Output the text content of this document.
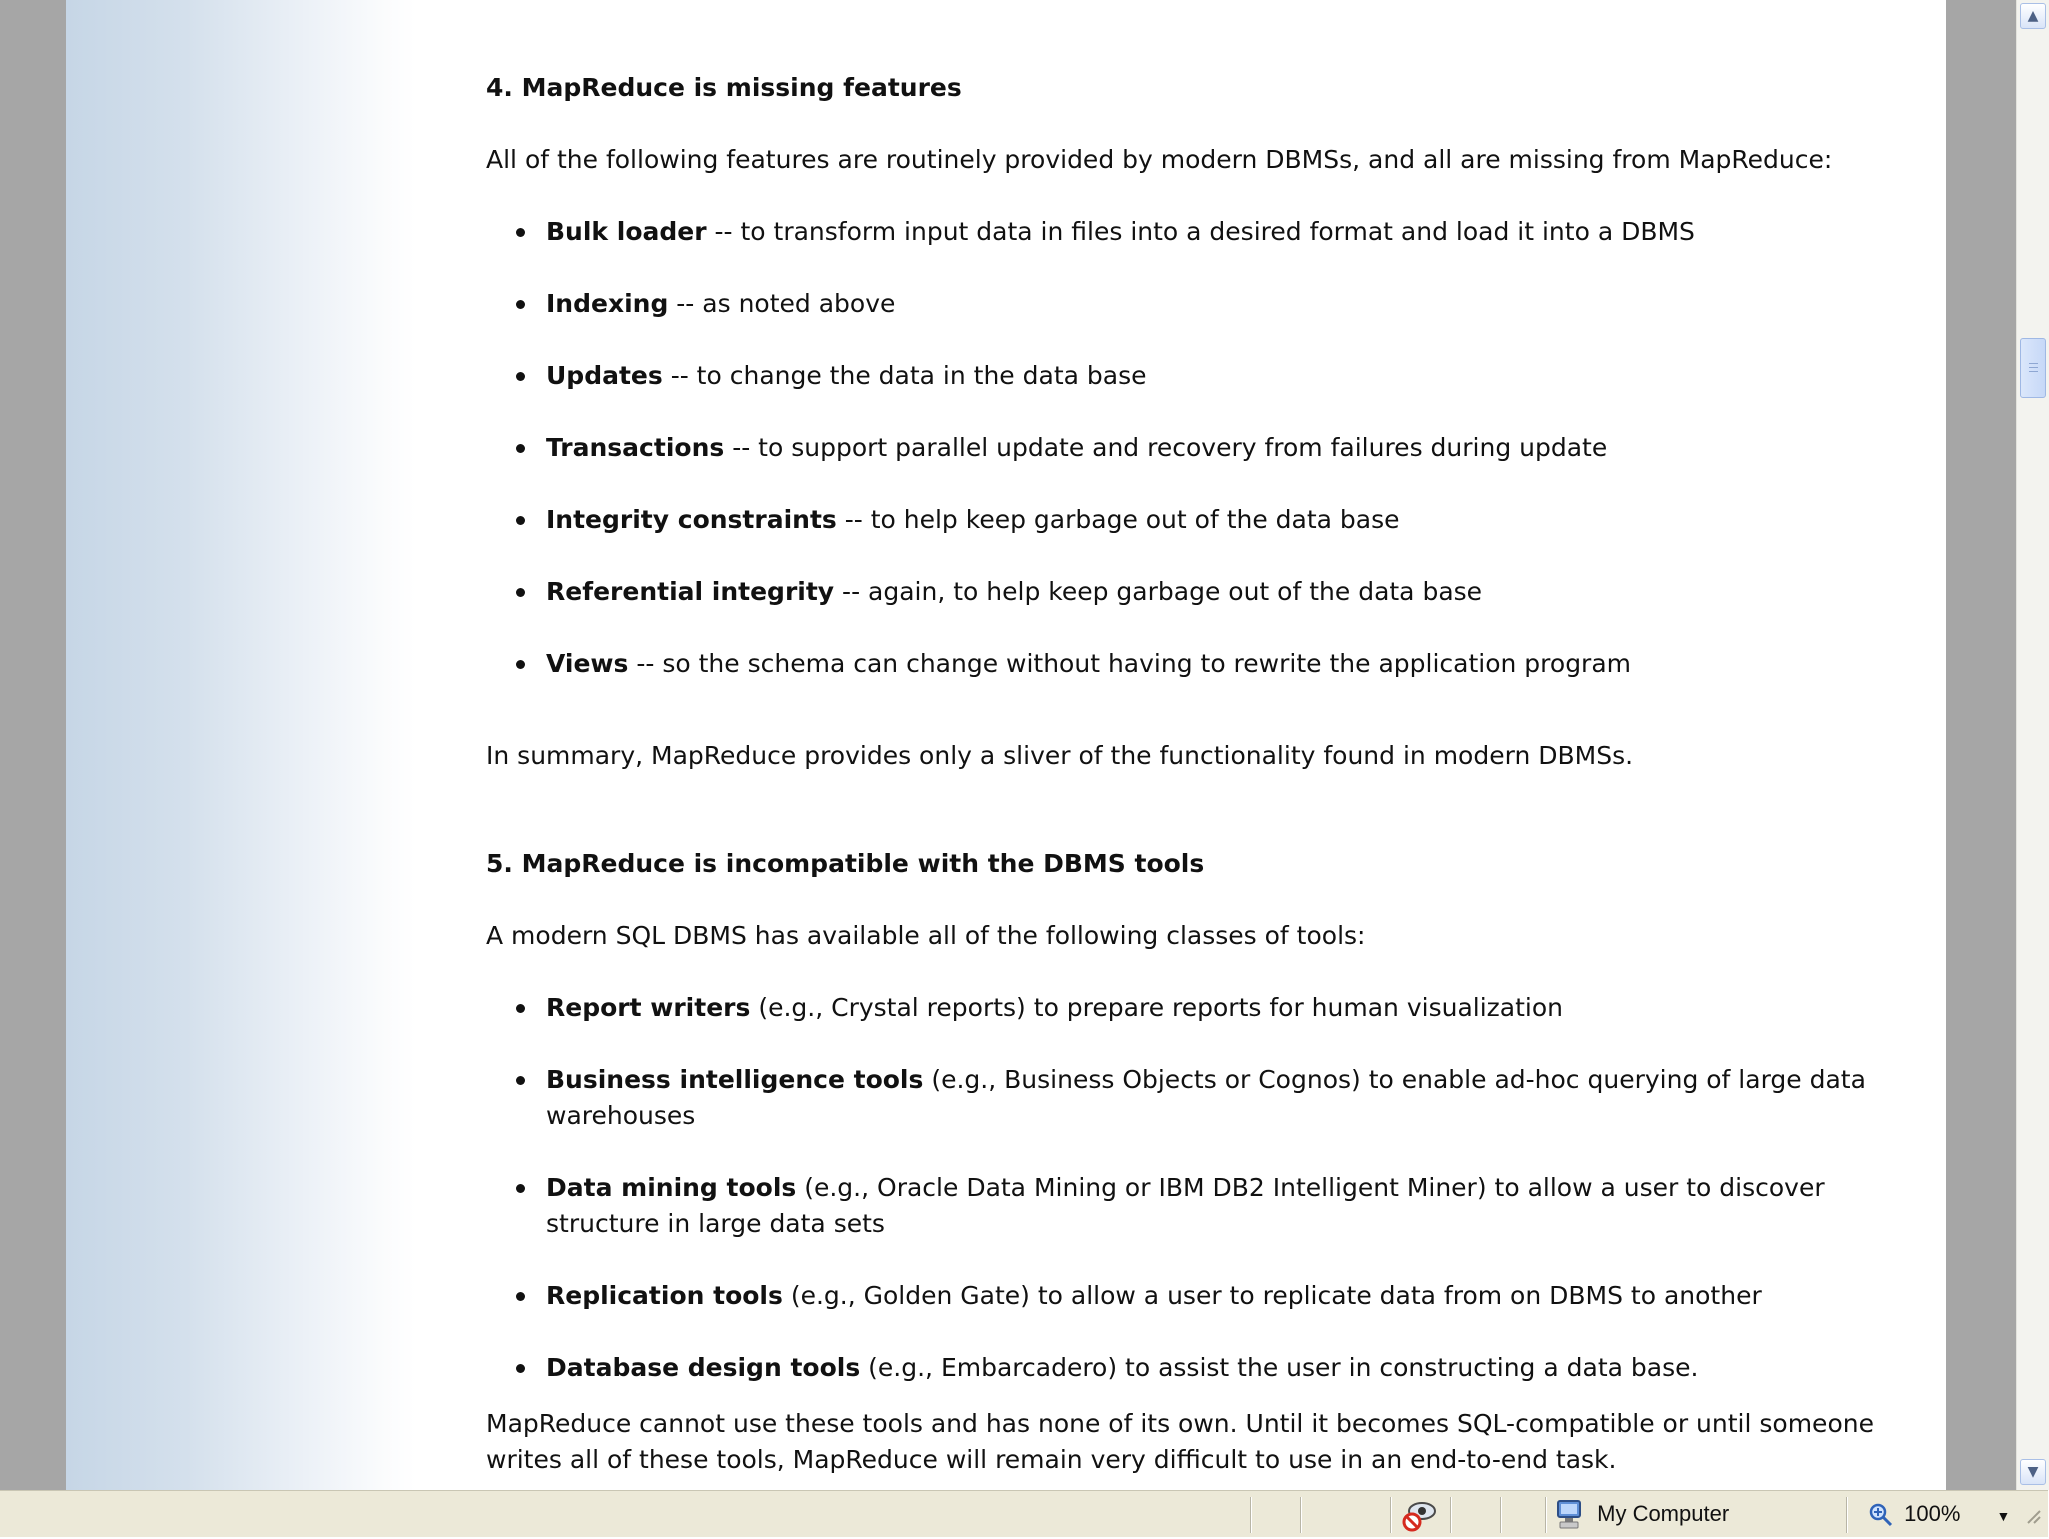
4. MapReduce is missing features

All of the following features are routinely provided by modern DBMSs, and all are missing from MapReduce:

Bulk loader -- to transform input data in files into a desired format and load it into a DBMS
Indexing -- as noted above
Updates -- to change the data in the data base
Transactions -- to support parallel update and recovery from failures during update
Integrity constraints -- to help keep garbage out of the data base
Referential integrity -- again, to help keep garbage out of the data base
Views -- so the schema can change without having to rewrite the application program

In summary, MapReduce provides only a sliver of the functionality found in modern DBMSs.

5. MapReduce is incompatible with the DBMS tools

A modern SQL DBMS has available all of the following classes of tools:

Report writers (e.g., Crystal reports) to prepare reports for human visualization
Business intelligence tools (e.g., Business Objects or Cognos) to enable ad-hoc querying of large data warehouses
Data mining tools (e.g., Oracle Data Mining or IBM DB2 Intelligent Miner) to allow a user to discover structure in large data sets
Replication tools (e.g., Golden Gate) to allow a user to replicate data from on DBMS to another
Database design tools (e.g., Embarcadero) to assist the user in constructing a data base.

MapReduce cannot use these tools and has none of its own. Until it becomes SQL-compatible or until someone writes all of these tools, MapReduce will remain very difficult to use in an end-to-end task.

▲
▼
My Computer	100%	▼
